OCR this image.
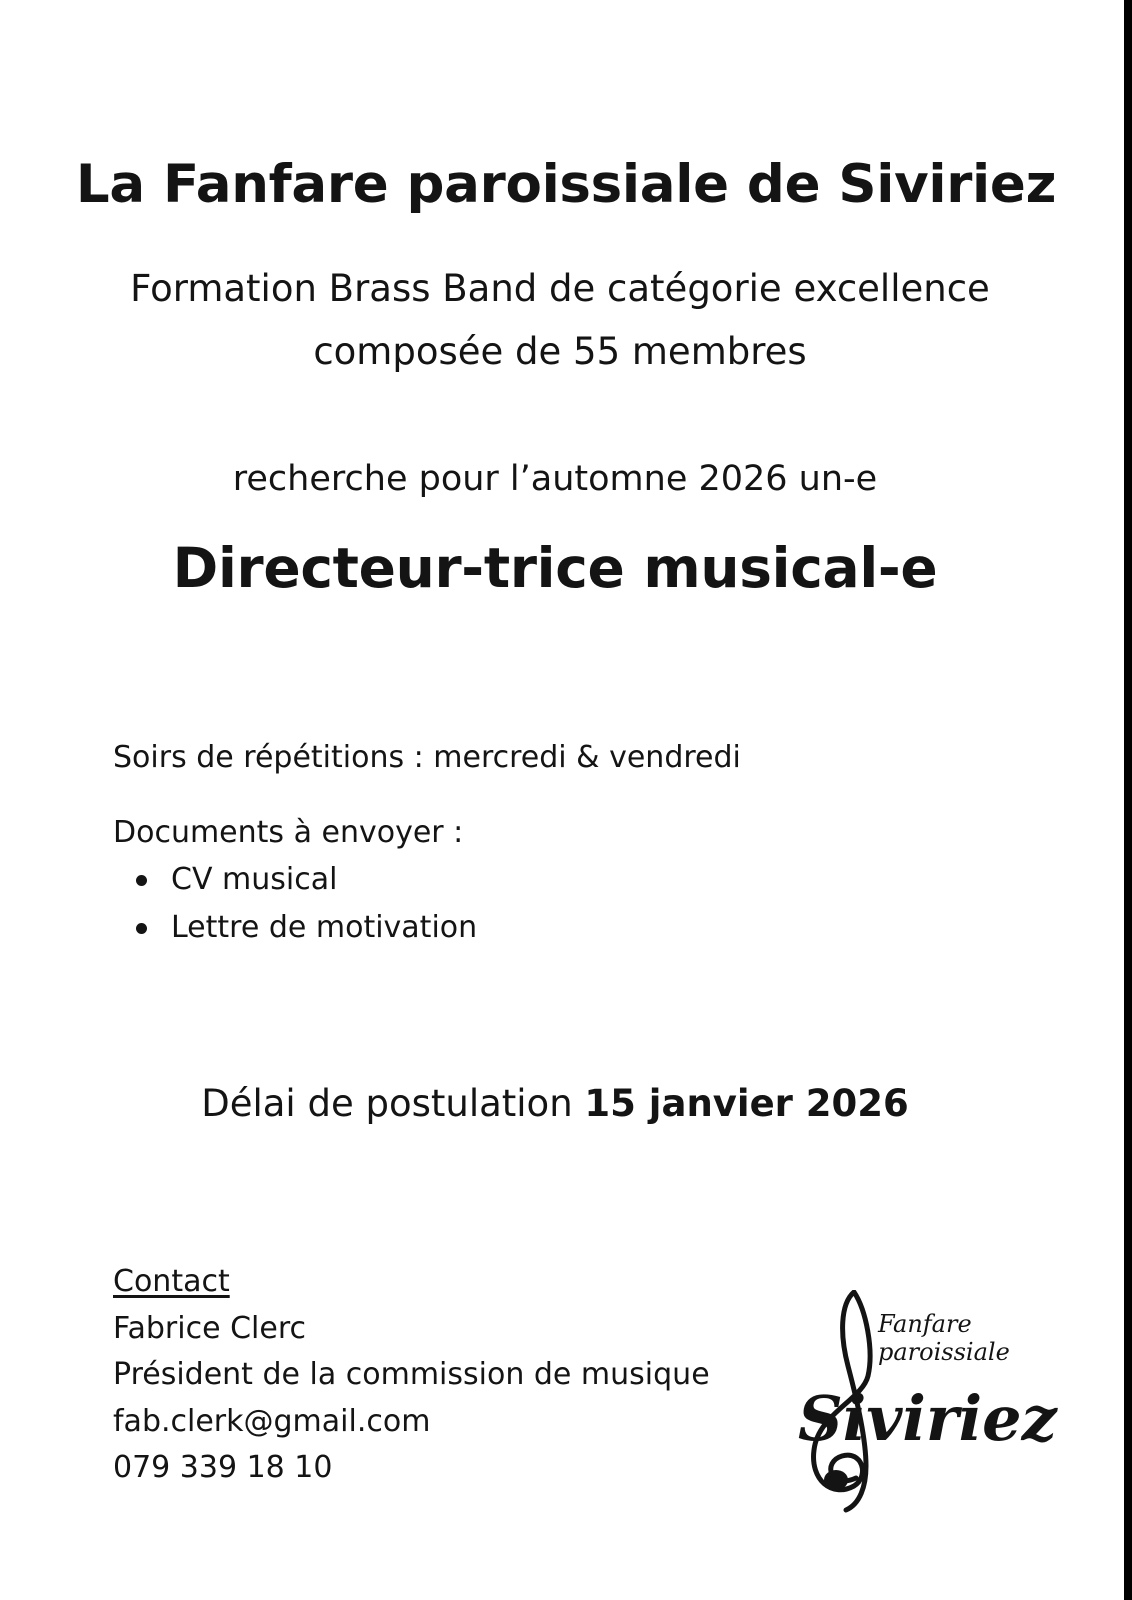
La Fanfare paroissiale de Siviriez
Formation Brass Band de catégorie excellence
composée de 55 membres
recherche pour l’automne 2026 un-e
Directeur-trice musical-e
Soirs de répétitions : mercredi & vendredi
Documents à envoyer :
CV musical
Lettre de motivation
Délai de postulation 15 janvier 2026
Contact
Fabrice Clerc
Président de la commission de musique
fab.clerk@gmail.com
079 339 18 10
Fanfare
paroissiale
Siviriez
